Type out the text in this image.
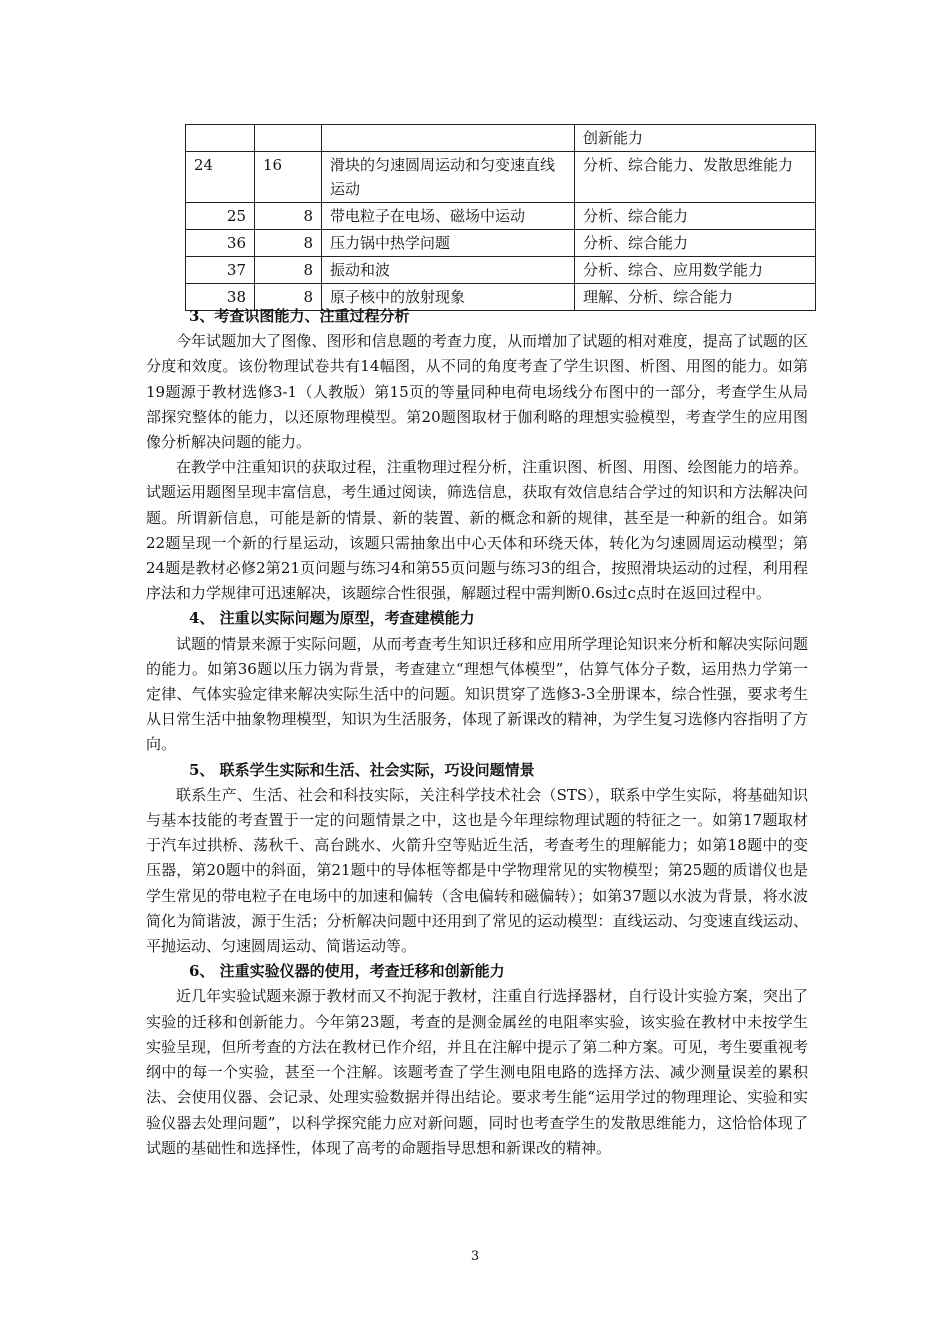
			创新能力
24	16	滑块的匀速圆周运动和匀变速直线运动	分析、综合能力、发散思维能力
25	8	带电粒子在电场、磁场中运动	分析、综合能力
36	8	压力锅中热学问题	分析、综合能力
37	8	振动和波	分析、综合、应用数学能力
38	8	原子核中的放射现象	理解、分析、综合能力
3、考查识图能力、注重过程分析

今年试题加大了图像、图形和信息题的考查力度，从而增加了试题的相对难度，提高了试题的区分度和效度。该份物理试卷共有14幅图，从不同的角度考查了学生识图、析图、用图的能力。如第19题源于教材选修3-1（人教版）第15页的等量同种电荷电场线分布图中的一部分，考查学生从局部探究整体的能力，以还原物理模型。第20题图取材于伽利略的理想实验模型，考查学生的应用图像分析解决问题的能力。

在教学中注重知识的获取过程，注重物理过程分析，注重识图、析图、用图、绘图能力的培养。试题运用题图呈现丰富信息，考生通过阅读，筛选信息，获取有效信息结合学过的知识和方法解决问题。所谓新信息，可能是新的情景、新的装置、新的概念和新的规律，甚至是一种新的组合。如第22题呈现一个新的行星运动，该题只需抽象出中心天体和环绕天体，转化为匀速圆周运动模型；第24题是教材必修2第21页问题与练习4和第55页问题与练习3的组合，按照滑块运动的过程，利用程序法和力学规律可迅速解决，该题综合性很强，解题过程中需判断0.6s过c点时在返回过程中。

4、 注重以实际问题为原型，考查建模能力

试题的情景来源于实际问题，从而考查考生知识迁移和应用所学理论知识来分析和解决实际问题的能力。如第36题以压力锅为背景，考查建立“理想气体模型”，估算气体分子数，运用热力学第一定律、气体实验定律来解决实际生活中的问题。知识贯穿了选修3-3全册课本，综合性强，要求考生从日常生活中抽象物理模型，知识为生活服务，体现了新课改的精神，为学生复习选修内容指明了方向。

5、 联系学生实际和生活、社会实际，巧设问题情景

联系生产、生活、社会和科技实际，关注科学技术社会（STS），联系中学生实际，将基础知识与基本技能的考查置于一定的问题情景之中，这也是今年理综物理试题的特征之一。如第17题取材于汽车过拱桥、荡秋千、高台跳水、火箭升空等贴近生活，考查考生的理解能力；如第18题中的变压器，第20题中的斜面，第21题中的导体框等都是中学物理常见的实物模型；第25题的质谱仪也是学生常见的带电粒子在电场中的加速和偏转（含电偏转和磁偏转）；如第37题以水波为背景，将水波简化为简谐波，源于生活；分析解决问题中还用到了常见的运动模型：直线运动、匀变速直线运动、平抛运动、匀速圆周运动、简谐运动等。

6、 注重实验仪器的使用，考查迁移和创新能力

近几年实验试题来源于教材而又不拘泥于教材，注重自行选择器材，自行设计实验方案，突出了实验的迁移和创新能力。今年第23题，考查的是测金属丝的电阻率实验，该实验在教材中未按学生实验呈现，但所考查的方法在教材已作介绍，并且在注解中提示了第二种方案。可见，考生要重视考纲中的每一个实验，甚至一个注解。该题考查了学生测电阻电路的选择方法、减少测量误差的累积法、会使用仪器、会记录、处理实验数据并得出结论。要求考生能“运用学过的物理理论、实验和实验仪器去处理问题”，以科学探究能力应对新问题，同时也考查学生的发散思维能力，这恰恰体现了试题的基础性和选择性，体现了高考的命题指导思想和新课改的精神。

3
